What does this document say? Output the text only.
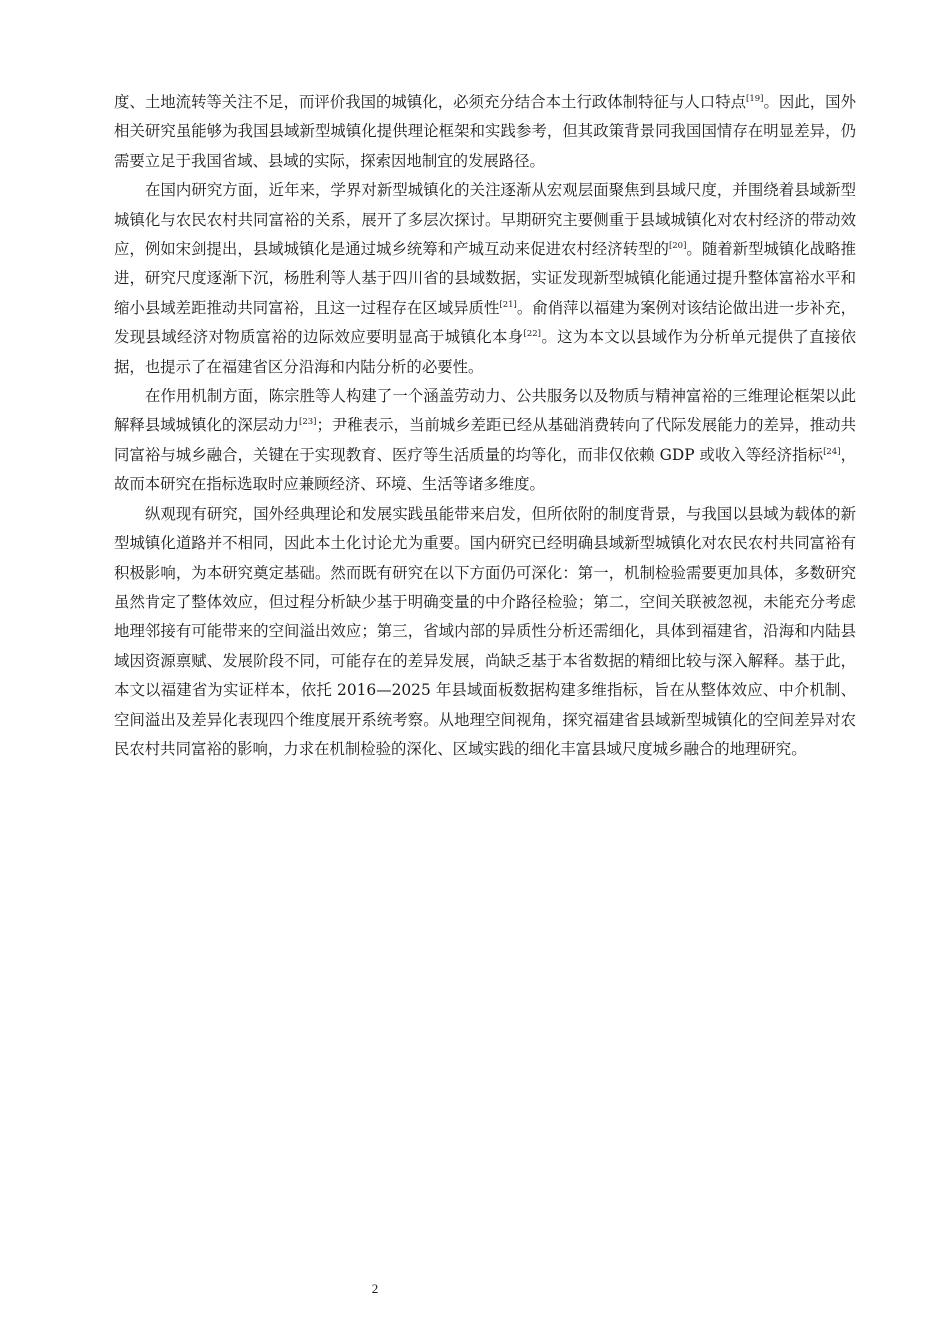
度、土地流转等关注不足，而评价我国的城镇化，必须充分结合本土行政体制特征与人口特点[19]。因此，国外相关研究虽能够为我国县域新型城镇化提供理论框架和实践参考，但其政策背景同我国国情存在明显差异，仍需要立足于我国省域、县域的实际，探索因地制宜的发展路径。

在国内研究方面，近年来，学界对新型城镇化的关注逐渐从宏观层面聚焦到县域尺度，并围绕着县域新型城镇化与农民农村共同富裕的关系，展开了多层次探讨。早期研究主要侧重于县域城镇化对农村经济的带动效应，例如宋剑提出，县域城镇化是通过城乡统筹和产城互动来促进农村经济转型的[20]。随着新型城镇化战略推进，研究尺度逐渐下沉，杨胜利等人基于四川省的县域数据，实证发现新型城镇化能通过提升整体富裕水平和缩小县域差距推动共同富裕，且这一过程存在区域异质性[21]。俞俏萍以福建为案例对该结论做出进一步补充，发现县域经济对物质富裕的边际效应要明显高于城镇化本身[22]。这为本文以县域作为分析单元提供了直接依据，也提示了在福建省区分沿海和内陆分析的必要性。

在作用机制方面，陈宗胜等人构建了一个涵盖劳动力、公共服务以及物质与精神富裕的三维理论框架以此解释县域城镇化的深层动力[23]；尹稚表示，当前城乡差距已经从基础消费转向了代际发展能力的差异，推动共同富裕与城乡融合，关键在于实现教育、医疗等生活质量的均等化，而非仅依赖 GDP 或收入等经济指标[24]，故而本研究在指标选取时应兼顾经济、环境、生活等诸多维度。

纵观现有研究，国外经典理论和发展实践虽能带来启发，但所依附的制度背景，与我国以县域为载体的新型城镇化道路并不相同，因此本土化讨论尤为重要。国内研究已经明确县域新型城镇化对农民农村共同富裕有积极影响，为本研究奠定基础。然而既有研究在以下方面仍可深化：第一，机制检验需要更加具体，多数研究虽然肯定了整体效应，但过程分析缺少基于明确变量的中介路径检验；第二，空间关联被忽视，未能充分考虑地理邻接有可能带来的空间溢出效应；第三，省域内部的异质性分析还需细化，具体到福建省，沿海和内陆县域因资源禀赋、发展阶段不同，可能存在的差异发展，尚缺乏基于本省数据的精细比较与深入解释。基于此，本文以福建省为实证样本，依托 2016—2025 年县域面板数据构建多维指标，旨在从整体效应、中介机制、空间溢出及差异化表现四个维度展开系统考察。从地理空间视角，探究福建省县域新型城镇化的空间差异对农民农村共同富裕的影响，力求在机制检验的深化、区域实践的细化丰富县域尺度城乡融合的地理研究。

2
